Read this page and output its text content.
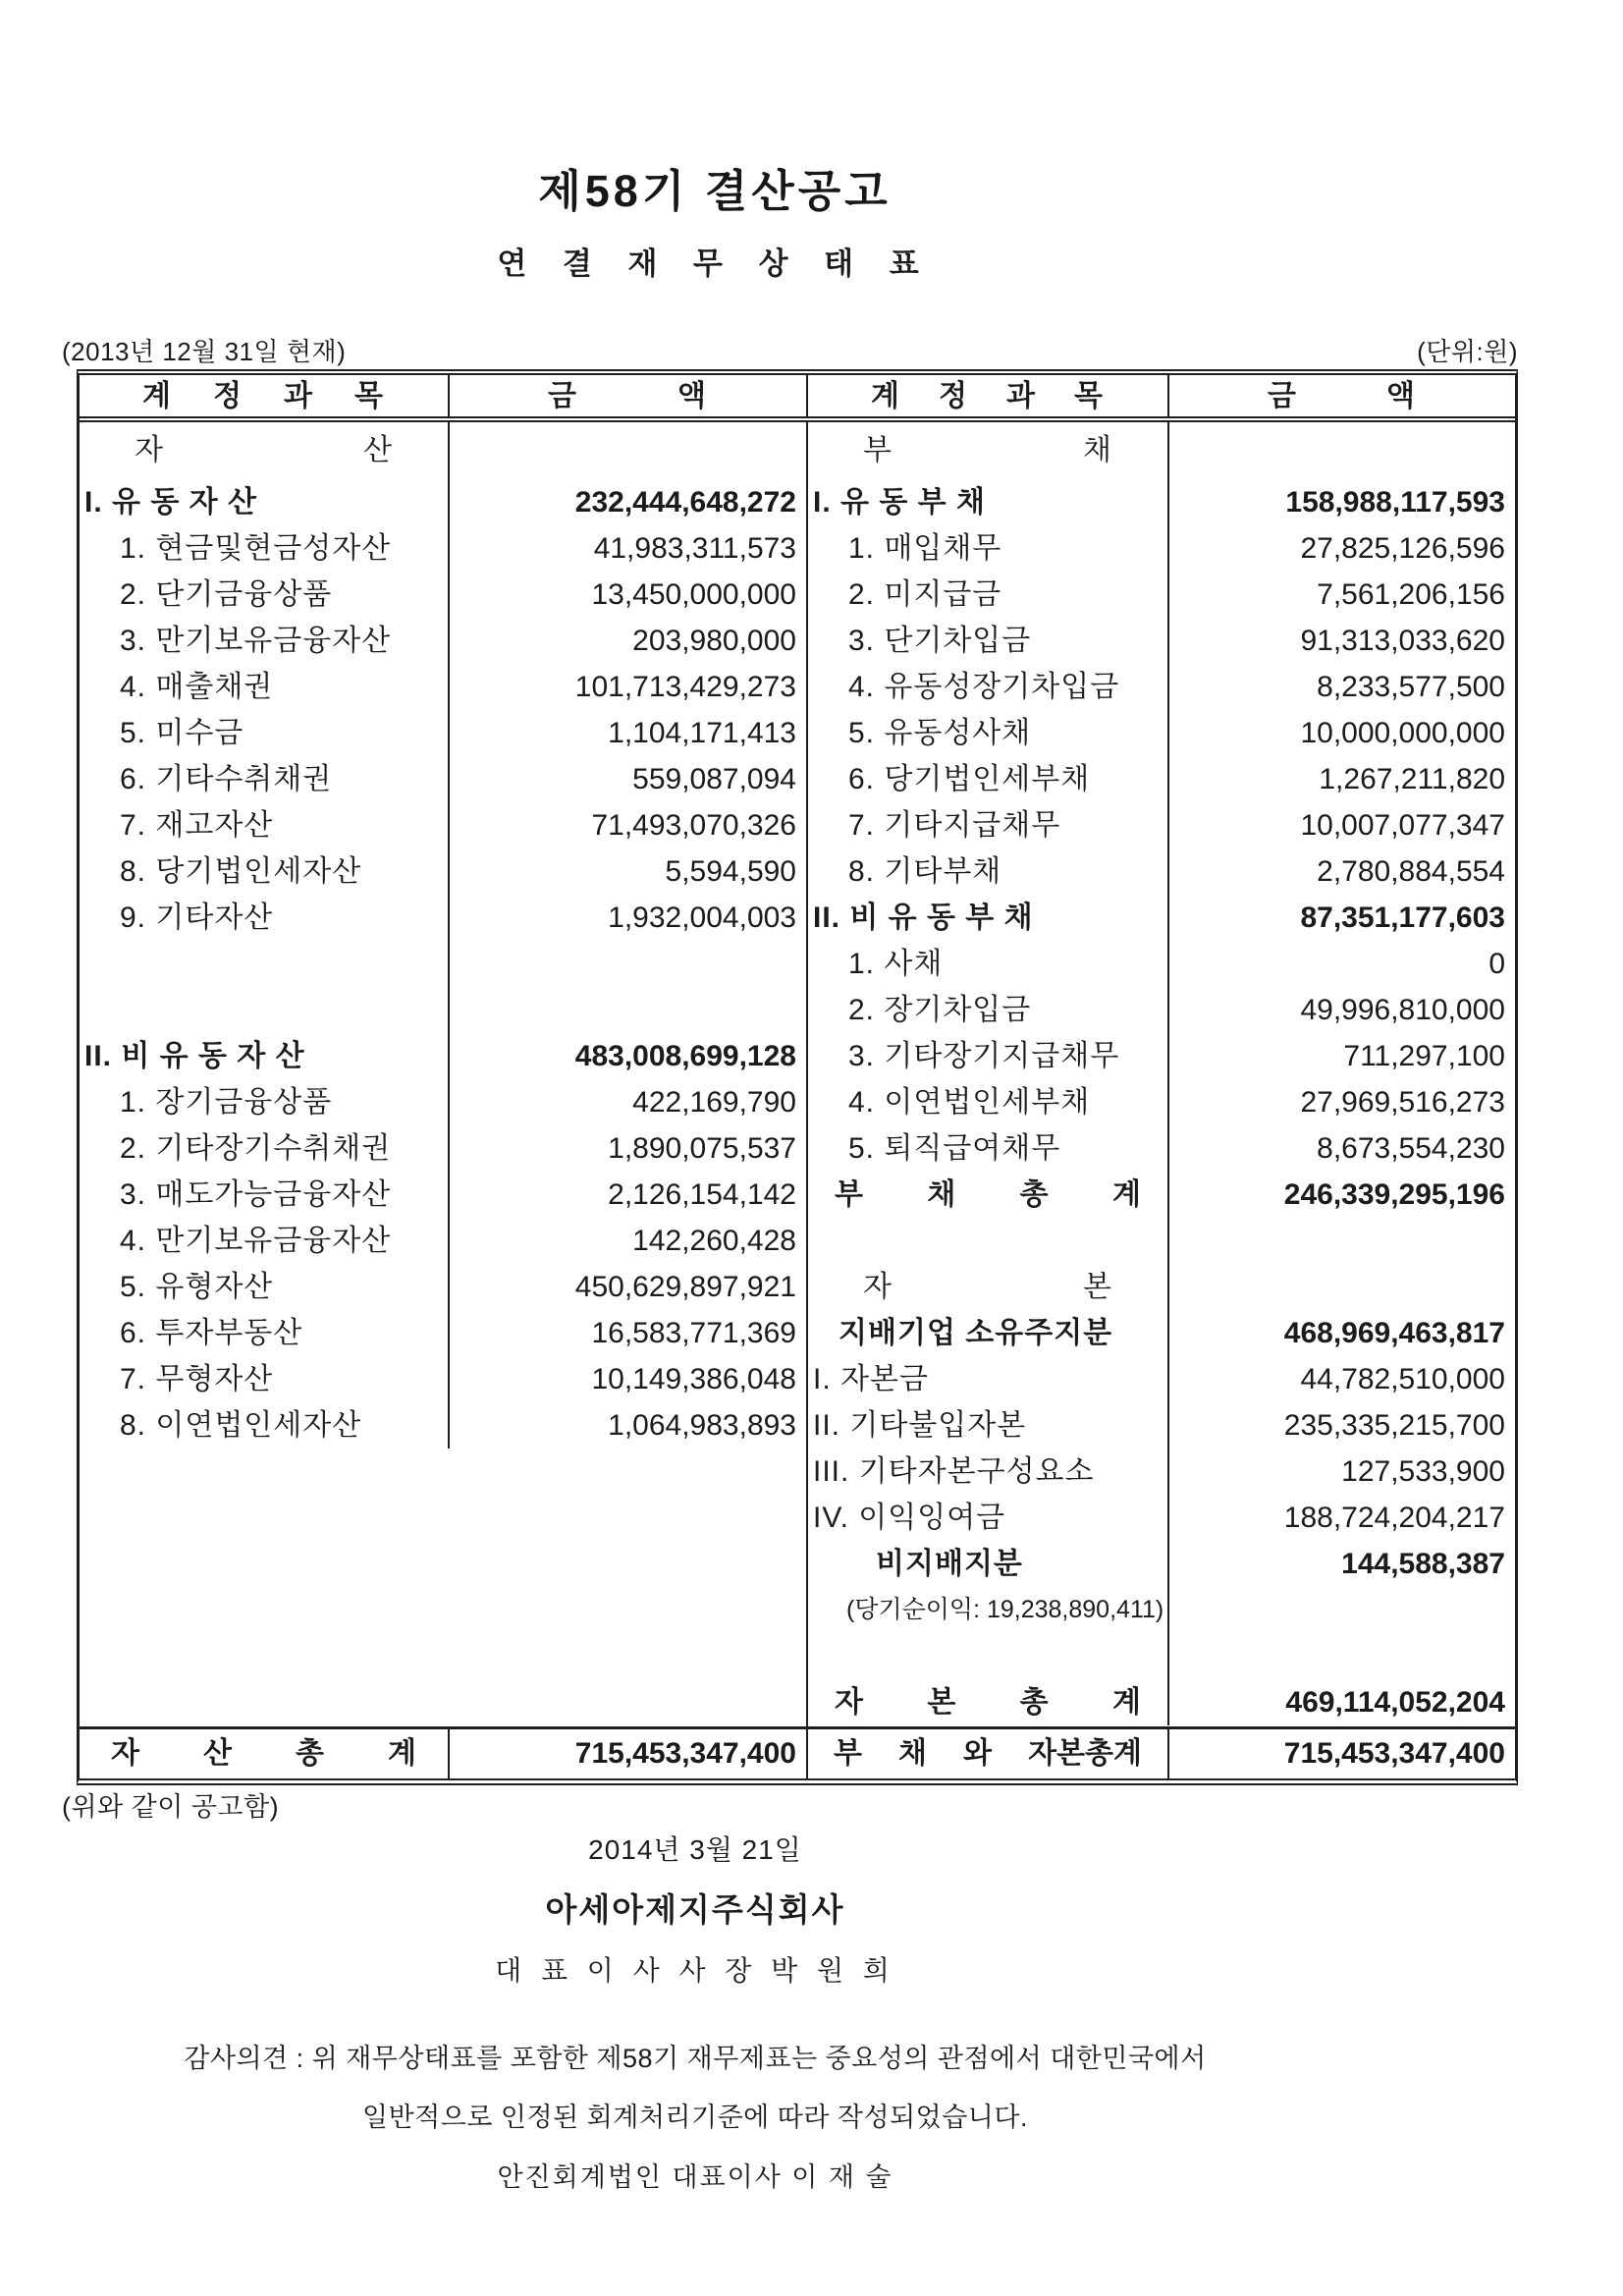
제58기 결산공고
연 결 재 무 상 태 표
(2013년 12월 31일 현재)	(단위:원)
계 정 과 목	금 액	계 정 과 목	금 액
자 산
I. 유 동 자 산	232,444,648,272
1. 현금및현금성자산	41,983,311,573
2. 단기금융상품	13,450,000,000
3. 만기보유금융자산	203,980,000
4. 매출채권	101,713,429,273
5. 미수금	1,104,171,413
6. 기타수취채권	559,087,094
7. 재고자산	71,493,070,326
8. 당기법인세자산	5,594,590
9. 기타자산	1,932,004,003
II. 비 유 동 자 산	483,008,699,128
1. 장기금융상품	422,169,790
2. 기타장기수취채권	1,890,075,537
3. 매도가능금융자산	2,126,154,142
4. 만기보유금융자산	142,260,428
5. 유형자산	450,629,897,921
6. 투자부동산	16,583,771,369
7. 무형자산	10,149,386,048
8. 이연법인세자산	1,064,983,893
부 채
I. 유 동 부 채	158,988,117,593
1. 매입채무	27,825,126,596
2. 미지급금	7,561,206,156
3. 단기차입금	91,313,033,620
4. 유동성장기차입금	8,233,577,500
5. 유동성사채	10,000,000,000
6. 당기법인세부채	1,267,211,820
7. 기타지급채무	10,007,077,347
8. 기타부채	2,780,884,554
II. 비 유 동 부 채	87,351,177,603
1. 사채	0
2. 장기차입금	49,996,810,000
3. 기타장기지급채무	711,297,100
4. 이연법인세부채	27,969,516,273
5. 퇴직급여채무	8,673,554,230
부 채 총 계	246,339,295,196
자 본
지배기업 소유주지분	468,969,463,817
I. 자본금	44,782,510,000
II. 기타불입자본	235,335,215,700
III. 기타자본구성요소	127,533,900
IV. 이익잉여금	188,724,204,217
비지배지분	144,588,387
(당기순이익: 19,238,890,411)
자 본 총 계	469,114,052,204
자 산 총 계	715,453,347,400	부 채 와 자본총계	715,453,347,400
(위와 같이 공고함)
2014년 3월 21일
아세아제지주식회사
대 표 이 사 사 장 박 원 희
감사의견 : 위 재무상태표를 포함한 제58기 재무제표는 중요성의 관점에서 대한민국에서
일반적으로 인정된 회계처리기준에 따라 작성되었습니다.
안진회계법인 대표이사 이 재 술
